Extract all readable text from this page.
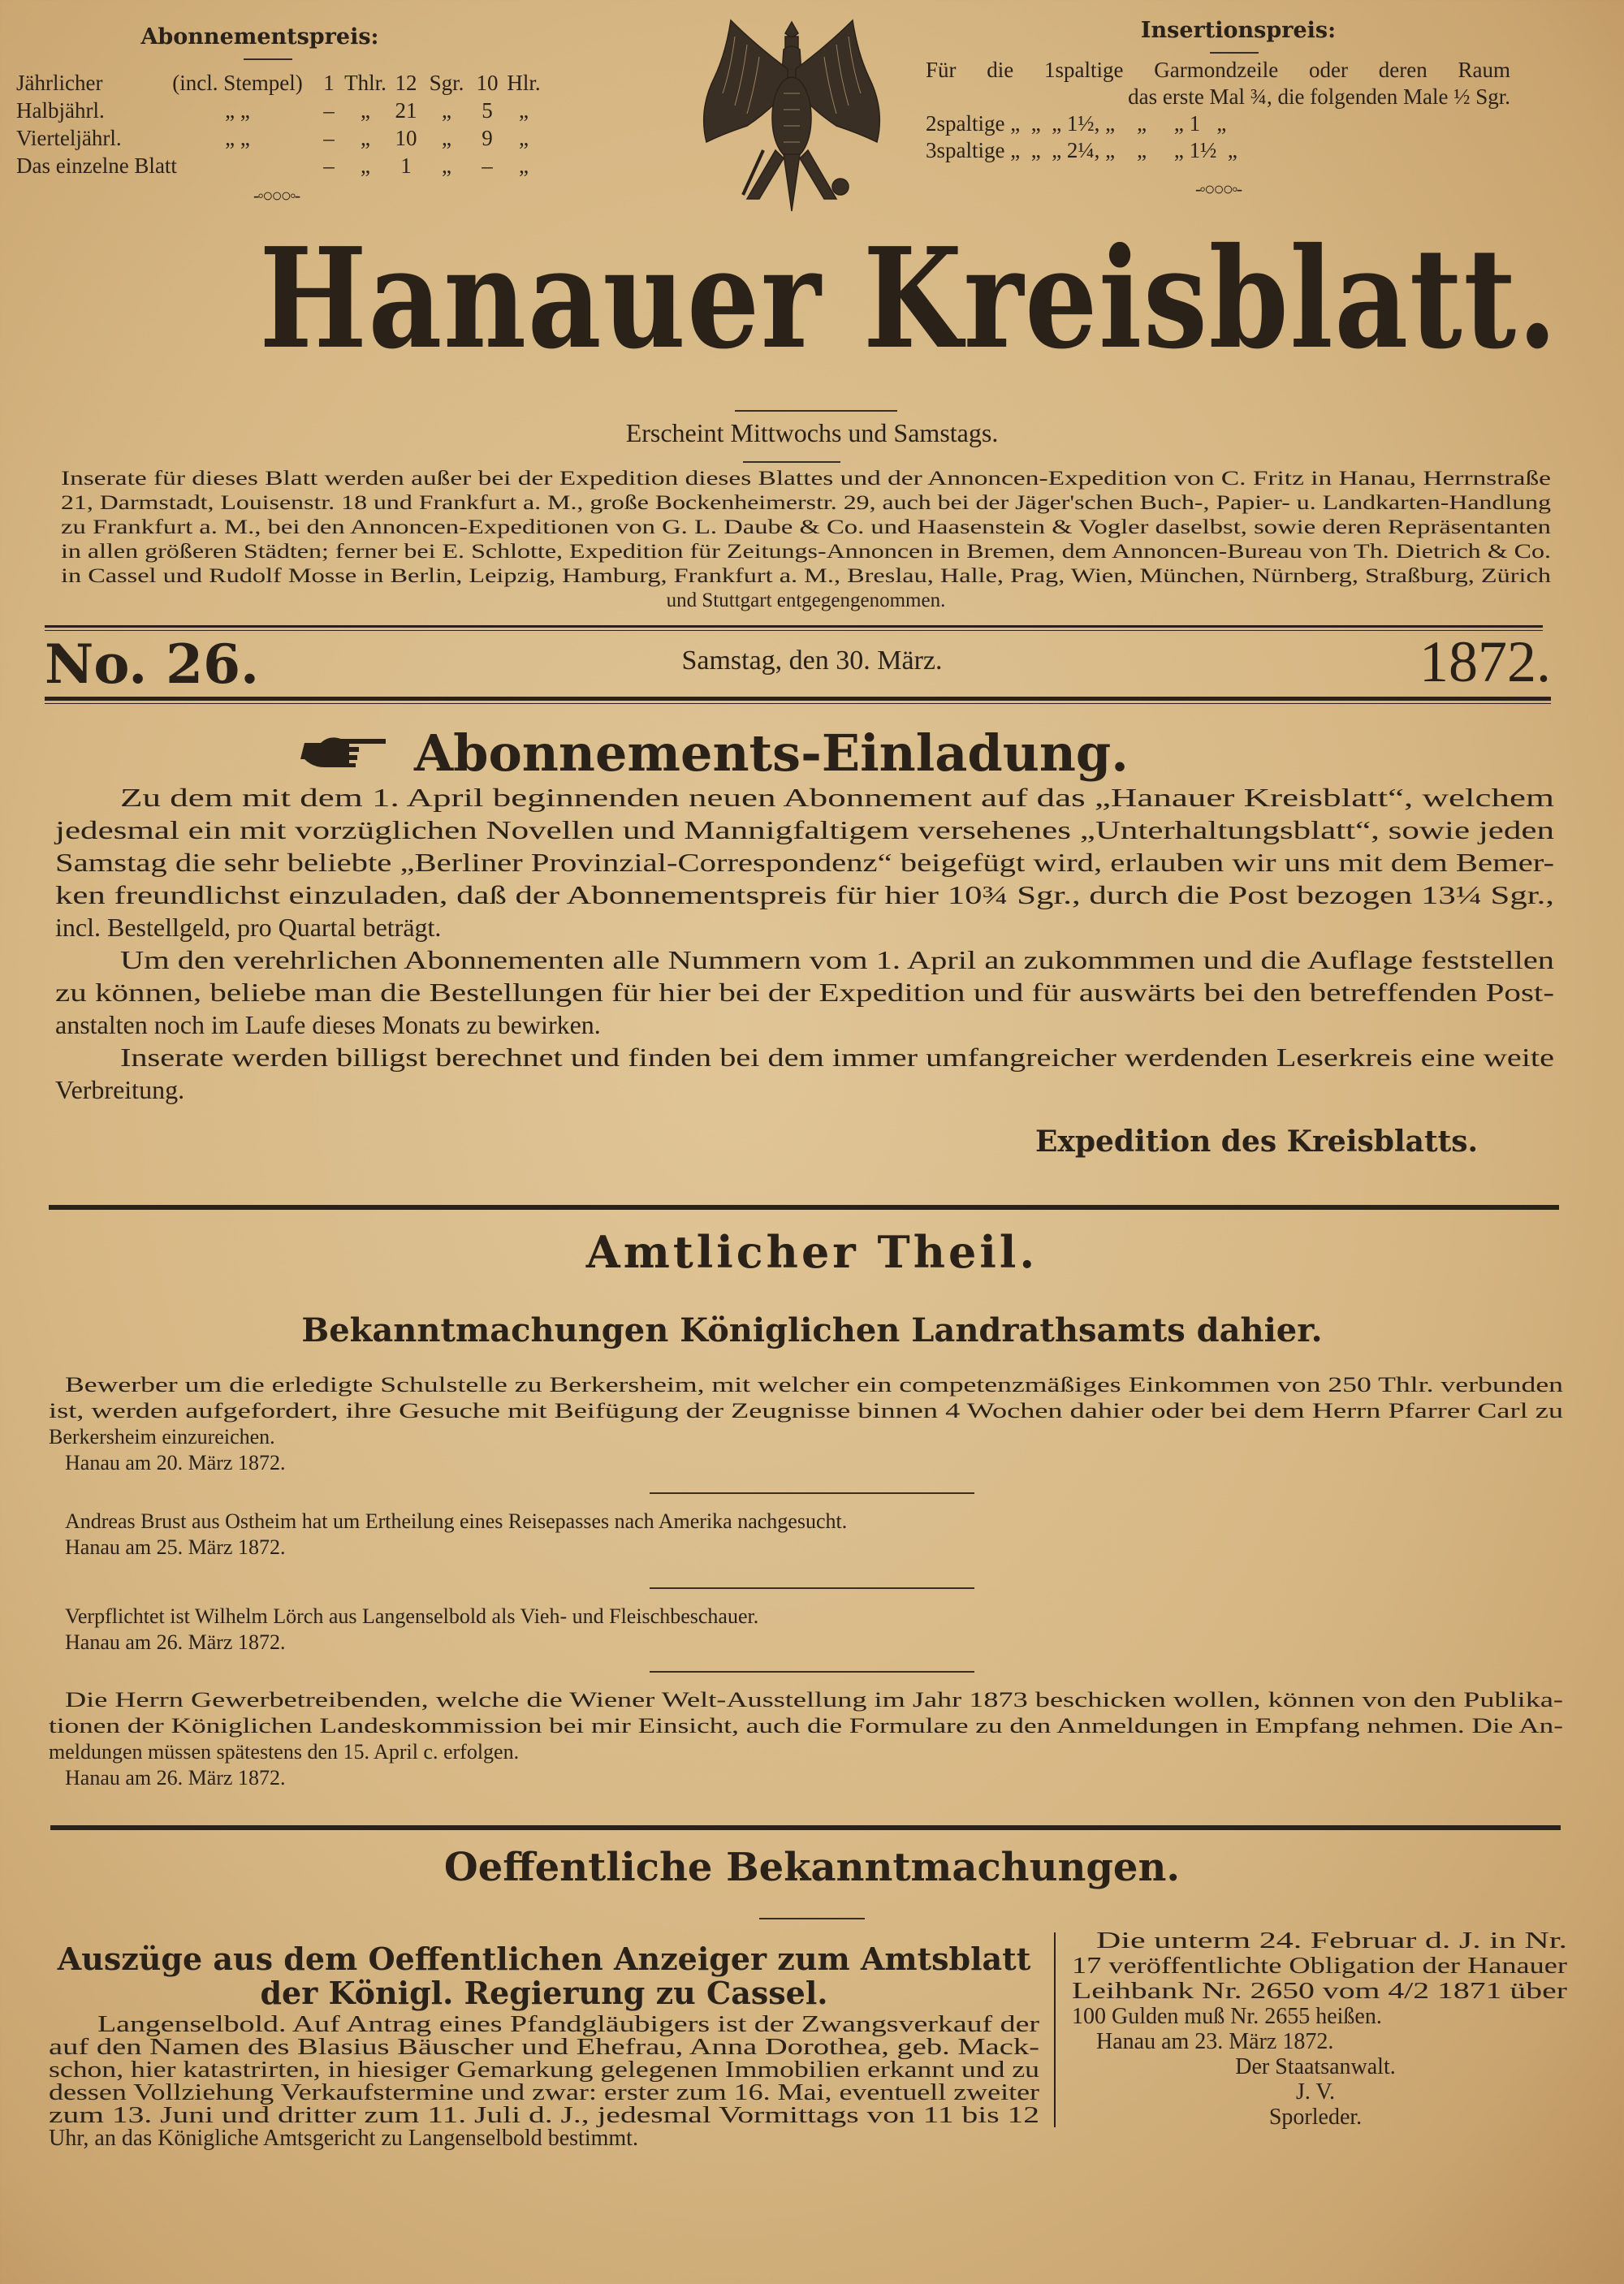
Abonnementspreis:
Jährlicher	(incl. Stempel) 1 Thlr. 12 Sgr. 10 Hlr.
Halbjährl.	„ „	–	„	21	„	5	„
Vierteljährl.	„ „	–	„	10	„	9	„
Das einzelne Blatt	–	„	1	„	–	„
-◦○○○◦-
Insertionspreis:
Für die 1spaltige Garmondzeile oder deren Raum
das erste Mal ¾, die folgenden Male ½ Sgr.
2spaltige „  „  „ 1½, „    „     „ 1   „
3spaltige „  „  „ 2¼, „    „     „ 1½  „
-◦○○○◦-
Hanauer Kreisblatt.
Erscheint Mittwochs und Samstags.
Inserate für dieses Blatt werden außer bei der Expedition dieses Blattes und der Annoncen-Expedition von C. Fritz in Hanau, Herrnstraße
21, Darmstadt, Louisenstr. 18 und Frankfurt a. M., große Bockenheimerstr. 29, auch bei der Jäger'schen Buch-, Papier- u. Landkarten-Handlung
zu Frankfurt a. M., bei den Annoncen-Expeditionen von G. L. Daube & Co. und Haasenstein & Vogler daselbst, sowie deren Repräsentanten
in allen größeren Städten; ferner bei E. Schlotte, Expedition für Zeitungs-Annoncen in Bremen, dem Annoncen-Bureau von Th. Dietrich & Co.
in Cassel und Rudolf Mosse in Berlin, Leipzig, Hamburg, Frankfurt a. M., Breslau, Halle, Prag, Wien, München, Nürnberg, Straßburg, Zürich
und Stuttgart entgegengenommen.
No. 26.	Samstag, den 30. März.	1872.
Abonnements-Einladung.
Zu dem mit dem 1. April beginnenden neuen Abonnement auf das „Hanauer Kreisblatt“, welchem
jedesmal ein mit vorzüglichen Novellen und Mannigfaltigem versehenes „Unterhaltungsblatt“, sowie jeden
Samstag die sehr beliebte „Berliner Provinzial-Correspondenz“ beigefügt wird, erlauben wir uns mit dem Bemer-
ken freundlichst einzuladen, daß der Abonnementspreis für hier 10¾ Sgr., durch die Post bezogen 13¼ Sgr.,
incl. Bestellgeld, pro Quartal beträgt.
Um den verehrlichen Abonnementen alle Nummern vom 1. April an zukommmen und die Auflage feststellen
zu können, beliebe man die Bestellungen für hier bei der Expedition und für auswärts bei den betreffenden Post-
anstalten noch im Laufe dieses Monats zu bewirken.
Inserate werden billigst berechnet und finden bei dem immer umfangreicher werdenden Leserkreis eine weite
Verbreitung.
Expedition des Kreisblatts.
Amtlicher Theil.
Bekanntmachungen Königlichen Landrathsamts dahier.
Bewerber um die erledigte Schulstelle zu Berkersheim, mit welcher ein competenzmäßiges Einkommen von 250 Thlr. verbunden
ist, werden aufgefordert, ihre Gesuche mit Beifügung der Zeugnisse binnen 4 Wochen dahier oder bei dem Herrn Pfarrer Carl zu
Berkersheim einzureichen.
Hanau am 20. März 1872.
Andreas Brust aus Ostheim hat um Ertheilung eines Reisepasses nach Amerika nachgesucht.
Hanau am 25. März 1872.
Verpflichtet ist Wilhelm Lörch aus Langenselbold als Vieh- und Fleischbeschauer.
Hanau am 26. März 1872.
Die Herrn Gewerbetreibenden, welche die Wiener Welt-Ausstellung im Jahr 1873 beschicken wollen, können von den Publika-
tionen der Königlichen Landeskommission bei mir Einsicht, auch die Formulare zu den Anmeldungen in Empfang nehmen. Die An-
meldungen müssen spätestens den 15. April c. erfolgen.
Hanau am 26. März 1872.
Oeffentliche Bekanntmachungen.
Auszüge aus dem Oeffentlichen Anzeiger zum Amtsblatt
der Königl. Regierung zu Cassel.
Langenselbold. Auf Antrag eines Pfandgläubigers ist der Zwangsverkauf der
auf den Namen des Blasius Bäuscher und Ehefrau, Anna Dorothea, geb. Mack-
schon, hier katastrirten, in hiesiger Gemarkung gelegenen Immobilien erkannt und zu
dessen Vollziehung Verkaufstermine und zwar: erster zum 16. Mai, eventuell zweiter
zum 13. Juni und dritter zum 11. Juli d. J., jedesmal Vormittags von 11 bis 12
Uhr, an das Königliche Amtsgericht zu Langenselbold bestimmt.
Die unterm 24. Februar d. J. in Nr.
17 veröffentlichte Obligation der Hanauer
Leihbank Nr. 2650 vom 4/2 1871 über
100 Gulden muß Nr. 2655 heißen.
Hanau am 23. März 1872.
Der Staatsanwalt.
J. V.
Sporleder.
